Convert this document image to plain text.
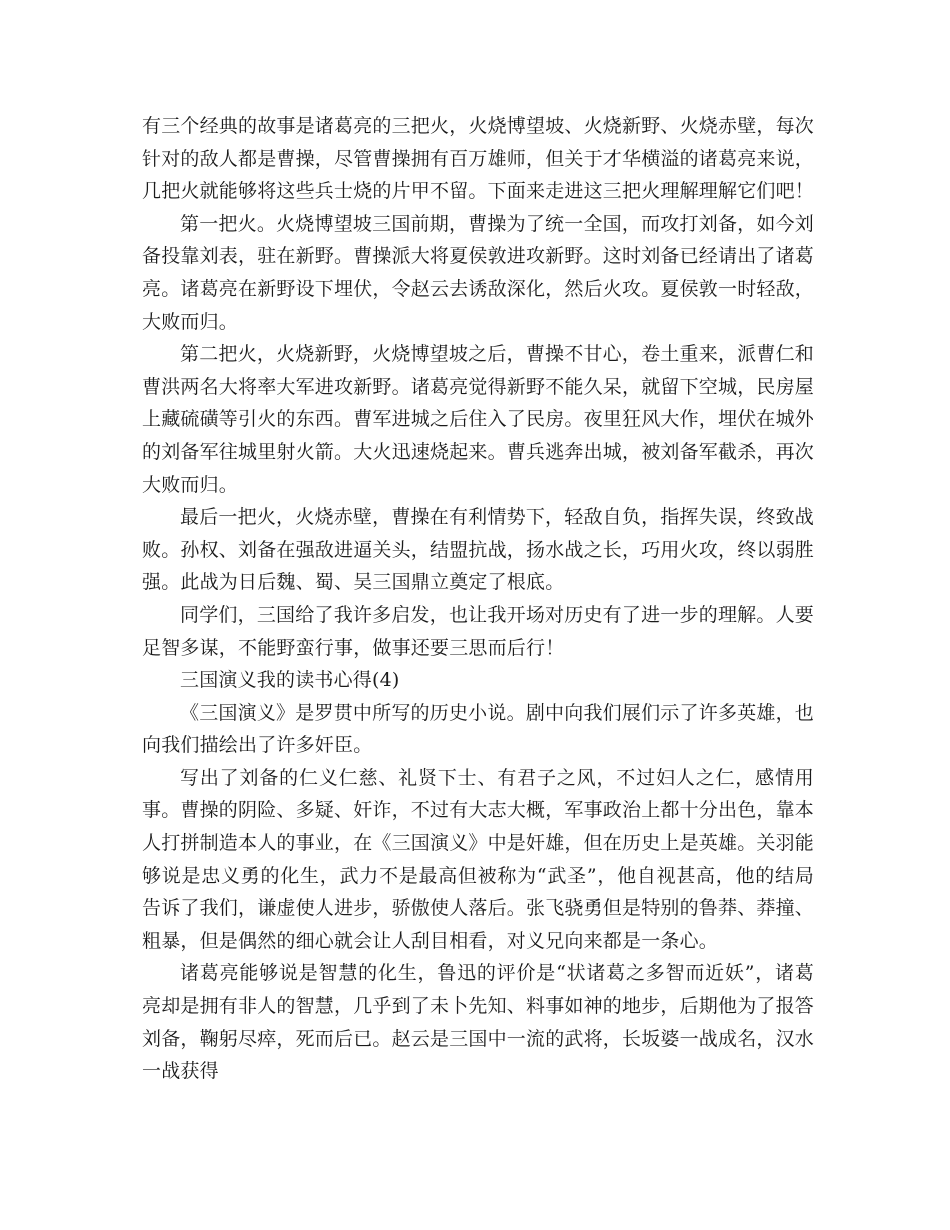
有三个经典的故事是诸葛亮的三把火，火烧博望坡、火烧新野、火烧赤壁，每次针对的敌人都是曹操，尽管曹操拥有百万雄师，但关于才华横溢的诸葛亮来说，几把火就能够将这些兵士烧的片甲不留。下面来走进这三把火理解理解它们吧！

第一把火。火烧博望坡三国前期，曹操为了统一全国，而攻打刘备，如今刘备投靠刘表，驻在新野。曹操派大将夏侯敦进攻新野。这时刘备已经请出了诸葛亮。诸葛亮在新野设下埋伏，令赵云去诱敌深化，然后火攻。夏侯敦一时轻敌，大败而归。

第二把火，火烧新野，火烧博望坡之后，曹操不甘心，卷土重来，派曹仁和曹洪两名大将率大军进攻新野。诸葛亮觉得新野不能久呆，就留下空城，民房屋上藏硫磺等引火的东西。曹军进城之后住入了民房。夜里狂风大作，埋伏在城外的刘备军往城里射火箭。大火迅速烧起来。曹兵逃奔出城，被刘备军截杀，再次大败而归。

最后一把火，火烧赤壁，曹操在有利情势下，轻敌自负，指挥失误，终致战败。孙权、刘备在强敌进逼关头，结盟抗战，扬水战之长，巧用火攻，终以弱胜强。此战为日后魏、蜀、吴三国鼎立奠定了根底。

同学们，三国给了我许多启发，也让我开场对历史有了进一步的理解。人要足智多谋，不能野蛮行事，做事还要三思而后行！

三国演义我的读书心得(4)

《三国演义》是罗贯中所写的历史小说。剧中向我们展们示了许多英雄，也向我们描绘出了许多奸臣。

写出了刘备的仁义仁慈、礼贤下士、有君子之风，不过妇人之仁，感情用事。曹操的阴险、多疑、奸诈，不过有大志大概，军事政治上都十分出色，靠本人打拼制造本人的事业，在《三国演义》中是奸雄，但在历史上是英雄。关羽能够说是忠义勇的化生，武力不是最高但被称为“武圣”，他自视甚高，他的结局告诉了我们，谦虚使人进步，骄傲使人落后。张飞骁勇但是特别的鲁莽、莽撞、粗暴，但是偶然的细心就会让人刮目相看，对义兄向来都是一条心。

诸葛亮能够说是智慧的化生，鲁迅的评价是“状诸葛之多智而近妖”，诸葛亮却是拥有非人的智慧，几乎到了未卜先知、料事如神的地步，后期他为了报答刘备，鞠躬尽瘁，死而后已。赵云是三国中一流的武将，长坂婆一战成名，汉水一战获得
